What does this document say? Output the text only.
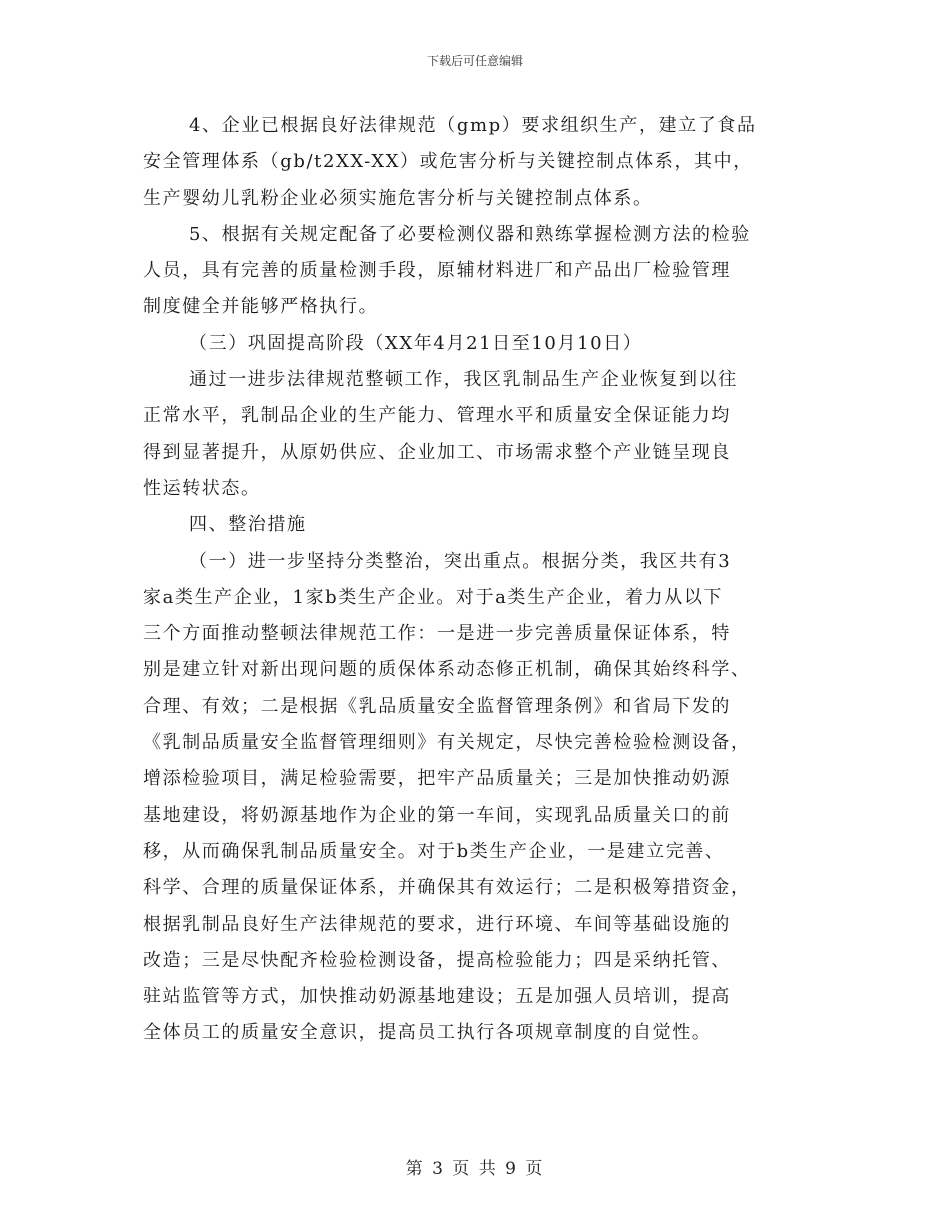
下载后可任意编辑
4、企业已根据良好法律规范（gmp）要求组织生产，建立了食品
安全管理体系（gb/t2XX-XX）或危害分析与关键控制点体系，其中，
生产婴幼儿乳粉企业必须实施危害分析与关键控制点体系。
5、根据有关规定配备了必要检测仪器和熟练掌握检测方法的检验
人员，具有完善的质量检测手段，原辅材料进厂和产品出厂检验管理
制度健全并能够严格执行。
（三）巩固提高阶段（XX年4月21日至10月10日）
通过一进步法律规范整顿工作，我区乳制品生产企业恢复到以往
正常水平，乳制品企业的生产能力、管理水平和质量安全保证能力均
得到显著提升，从原奶供应、企业加工、市场需求整个产业链呈现良
性运转状态。
四、整治措施
（一）进一步坚持分类整治，突出重点。根据分类，我区共有3
家a类生产企业，1家b类生产企业。对于a类生产企业，着力从以下
三个方面推动整顿法律规范工作：一是进一步完善质量保证体系，特
别是建立针对新出现问题的质保体系动态修正机制，确保其始终科学、
合理、有效；二是根据《乳品质量安全监督管理条例》和省局下发的
《乳制品质量安全监督管理细则》有关规定，尽快完善检验检测设备，
增添检验项目，满足检验需要，把牢产品质量关；三是加快推动奶源
基地建设，将奶源基地作为企业的第一车间，实现乳品质量关口的前
移，从而确保乳制品质量安全。对于b类生产企业，一是建立完善、
科学、合理的质量保证体系，并确保其有效运行；二是积极筹措资金，
根据乳制品良好生产法律规范的要求，进行环境、车间等基础设施的
改造；三是尽快配齐检验检测设备，提高检验能力；四是采纳托管、
驻站监管等方式，加快推动奶源基地建设；五是加强人员培训，提高
全体员工的质量安全意识，提高员工执行各项规章制度的自觉性。
第 3 页 共 9 页
